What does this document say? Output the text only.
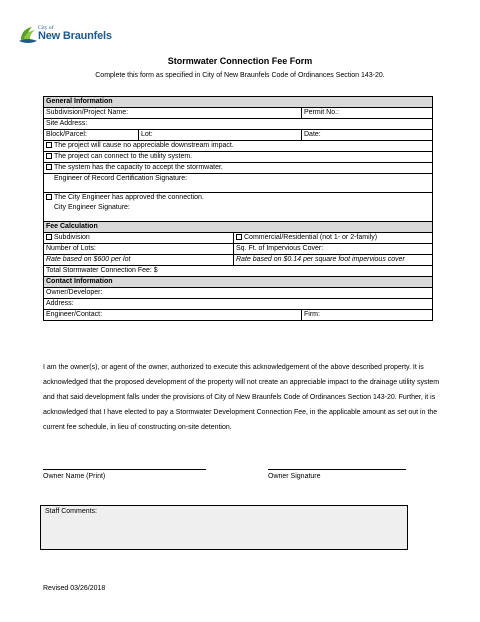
City of
New Braunfels
Stormwater Connection Fee Form
Complete this form as specified in City of New Braunfels Code of Ordinances Section 143-20.
General Information			
Subdivision/Project Name:			Permit No.:
Site Address:			
Block/Parcel:	Lot:		Date:
The project will cause no appreciable downstream impact.			
The project can connect to the utility system.			
The system has the capacity to accept the stormwater.			
Engineer of Record Certification Signature:			
The City Engineer has approved the connection.			
City Engineer Signature:			
Fee Calculation			
Subdivision		Commercial/Residential (not 1- or 2-family)	
Number of Lots:		Sq. Ft. of Impervious Cover:	
Rate based on $600 per lot		Rate based on $0.14 per square foot impervious cover	
Total Stormwater Connection Fee: $			
Contact Information			
Owner/Developer:			
Address:			
Engineer/Contact:			Firm:
I am the owner(s), or agent of the owner, authorized to execute this acknowledgement of the above described property. It is acknowledged that the proposed development of the property will not create an appreciable impact to the drainage utility system and that said development falls under the provisions of City of New Braunfels Code of Ordinances Section 143-20. Further, it is acknowledged that I have elected to pay a Stormwater Development Connection Fee, in the applicable amount as set out in the current fee schedule, in lieu of constructing on-site detention.
Owner Name (Print)	Owner Signature
Staff Comments:
Revised 03/26/2018
